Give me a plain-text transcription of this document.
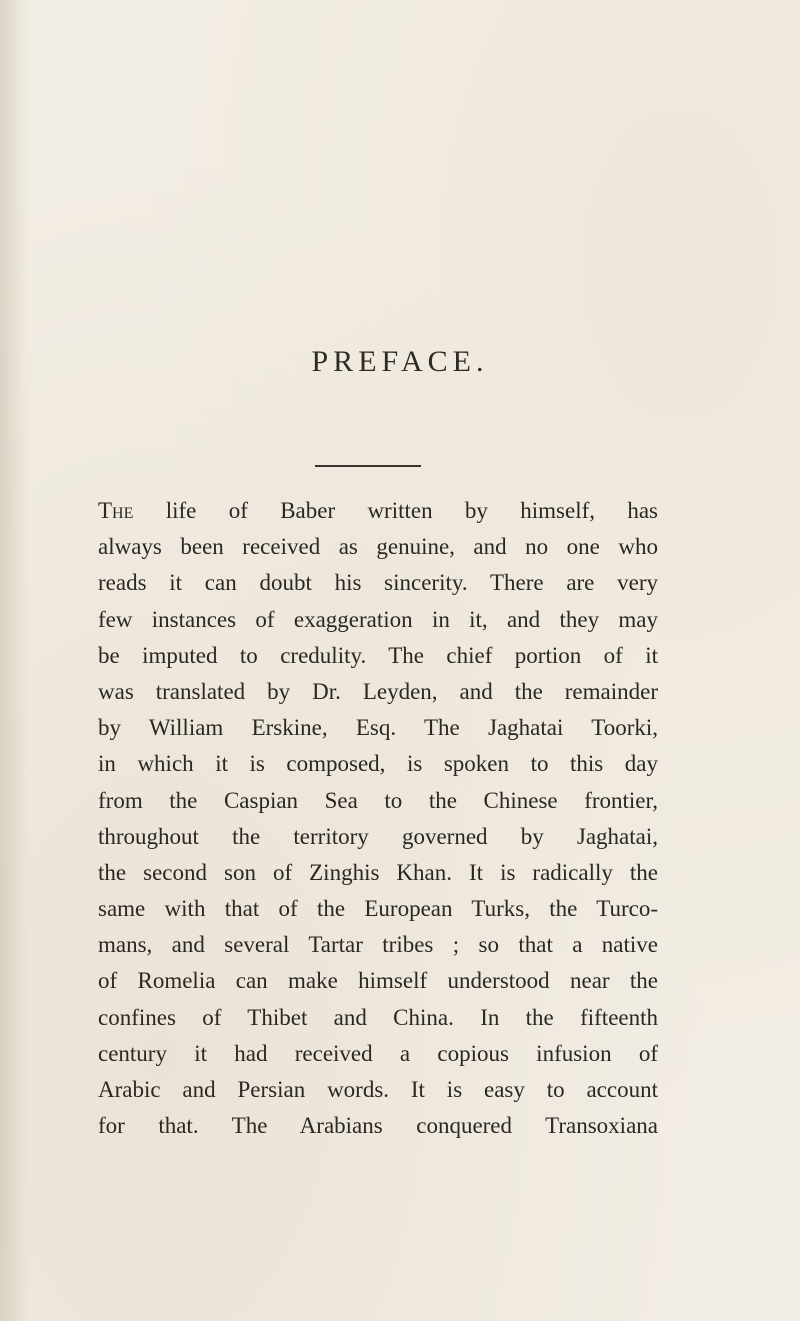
PREFACE.
The life of Baber written by himself, has
always been received as genuine, and no one who
reads it can doubt his sincerity. There are very
few instances of exaggeration in it, and they may
be imputed to credulity. The chief portion of it
was translated by Dr. Leyden, and the remainder
by William Erskine, Esq. The Jaghatai Toorki,
in which it is composed, is spoken to this day
from the Caspian Sea to the Chinese frontier,
throughout the territory governed by Jaghatai,
the second son of Zinghis Khan. It is radically the
same with that of the European Turks, the Turco-
mans, and several Tartar tribes ; so that a native
of Romelia can make himself understood near the
confines of Thibet and China. In the fifteenth
century it had received a copious infusion of
Arabic and Persian words. It is easy to account
for that. The Arabians conquered Transoxiana
